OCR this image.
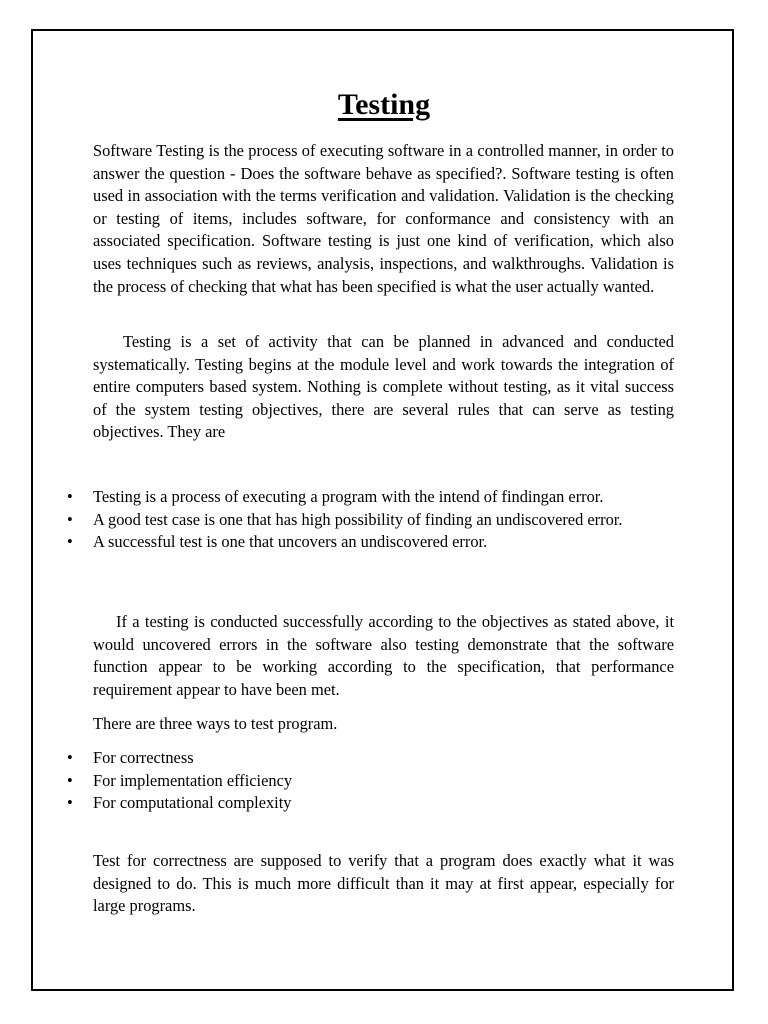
Testing

Software Testing is the process of executing software in a controlled manner, in order to answer the question - Does the software behave as specified?. Software testing is often used in association with the terms verification and validation. Validation is the checking or testing of items, includes software, for conformance and consistency with an associated specification. Software testing is just one kind of verification, which also uses techniques such as reviews, analysis, inspections, and walkthroughs. Validation is the process of checking that what has been specified is what the user actually wanted.

Testing is a set of activity that can be planned in advanced and conducted systematically. Testing begins at the module level and work towards the integration of entire computers based system. Nothing is complete without testing, as it vital success of the system testing objectives, there are several rules that can serve as testing objectives. They are

• Testing is a process of executing a program with the intend of findingan error.
• A good test case is one that has high possibility of finding an undiscovered error.
• A successful test is one that uncovers an undiscovered error.

If a testing is conducted successfully according to the objectives as stated above, it would uncovered errors in the software also testing demonstrate that the software function appear to be working according to the specification, that performance requirement appear to have been met.

There are three ways to test program.

• For correctness
• For implementation efficiency
• For computational complexity

Test for correctness are supposed to verify that a program does exactly what it was designed to do. This is much more difficult than it may at first appear, especially for large programs.
